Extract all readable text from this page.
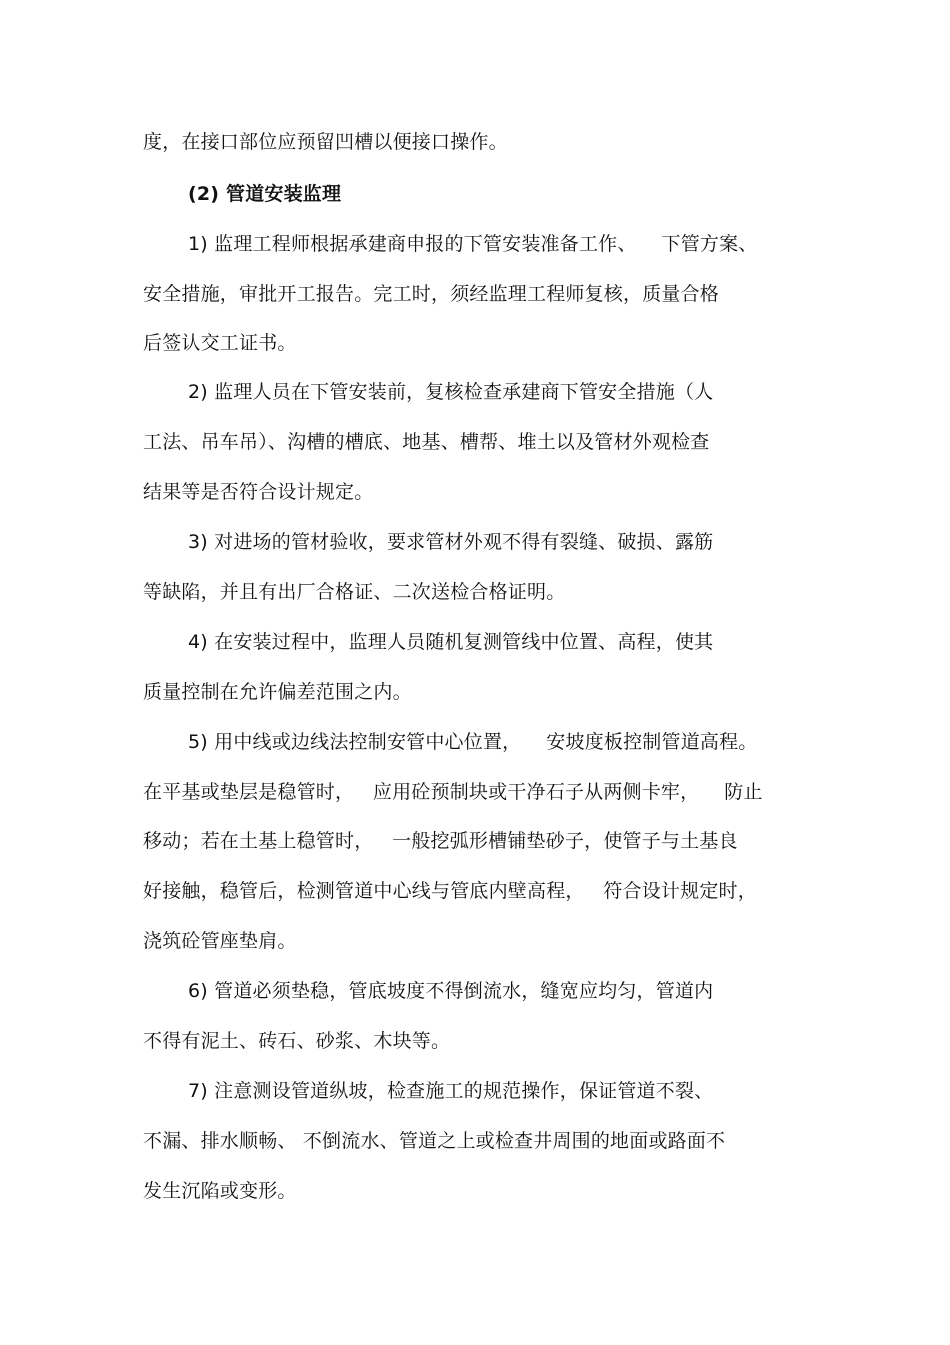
度，在接口部位应预留凹槽以便接口操作。
(2) 管道安装监理
1) 监理工程师根据承建商申报的下管安装准备工作、    下管方案、
安全措施，审批开工报告。完工时，须经监理工程师复核，质量合格
后签认交工证书。
2) 监理人员在下管安装前，复核检查承建商下管安全措施（人
工法、吊车吊）、沟槽的槽底、地基、槽帮、堆土以及管材外观检查
结果等是否符合设计规定。
3) 对进场的管材验收，要求管材外观不得有裂缝、破损、露筋
等缺陷，并且有出厂合格证、二次送检合格证明。
4) 在安装过程中，监理人员随机复测管线中位置、高程，使其
质量控制在允许偏差范围之内。
5) 用中线或边线法控制安管中心位置，    安坡度板控制管道高程。
在平基或垫层是稳管时，   应用砼预制块或干净石子从两侧卡牢，    防止
移动；若在土基上稳管时，   一般挖弧形槽铺垫砂子，使管子与土基良
好接触，稳管后，检测管道中心线与管底内壁高程，   符合设计规定时，
浇筑砼管座垫肩。
6) 管道必须垫稳，管底坡度不得倒流水，缝宽应均匀，管道内
不得有泥土、砖石、砂浆、木块等。
7) 注意测设管道纵坡，检查施工的规范操作，保证管道不裂、
不漏、排水顺畅、 不倒流水、管道之上或检查井周围的地面或路面不
发生沉陷或变形。
